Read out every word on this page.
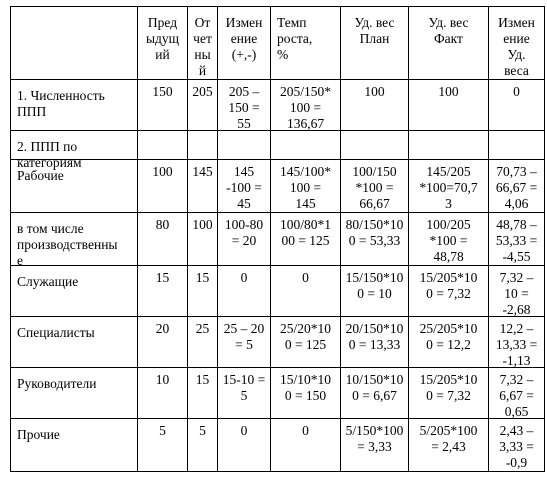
	Пред
ыдущ
ий	От
чет
ны
й	Измен
ение
(+,-)	Темп
роста,
%	Уд. вес
План	Уд. вес
Факт	Измен
ение
Уд.
веса

1. Численность
ППП	150	205	205 –
150 =
55	205/150*
100 =
136,67	100	100	0

2. ППП по
категориям							

Рабочие	100	145	145
-100 =
45	145/100*
100 =
145	100/150
*100 =
66,67	145/205
*100=70,7
3	70,73 –
66,67 =
4,06

в том числе
производственны
е	80	100	100-80
= 20	100/80*1
00 = 125	80/150*10
0 = 53,33	100/205
*100 =
48,78	48,78 –
53,33 =
-4,55

Служащие	15	15	0	0	15/150*10
0 = 10	15/205*10
0 = 7,32	7,32 –
10 =
-2,68

Специалисты	20	25	25 – 20
= 5	25/20*10
0 = 125	20/150*10
0 = 13,33	25/205*10
0 = 12,2	12,2 –
13,33 =
-1,13

Руководители	10	15	15-10 =
5	15/10*10
0 = 150	10/150*10
0 = 6,67	15/205*10
0 = 7,32	7,32 –
6,67 =
0,65

Прочие	5	5	0	0	5/150*100
= 3,33	5/205*100
= 2,43	2,43 –
3,33 =
-0,9
